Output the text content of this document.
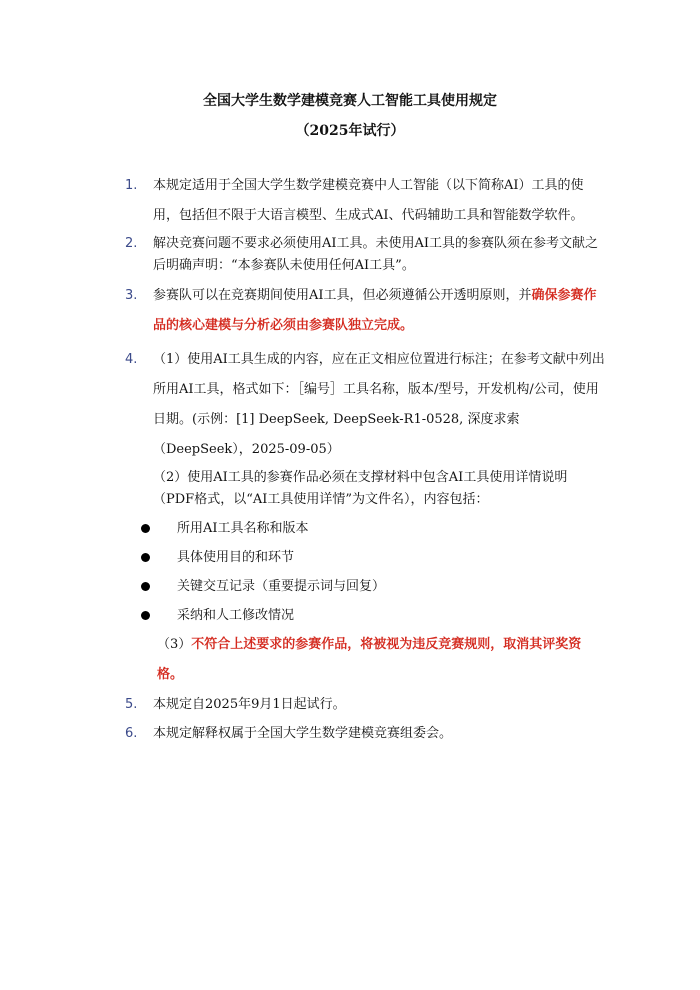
全国大学生数学建模竞赛人工智能工具使用规定
（2025年试行）
1. 本规定适用于全国大学生数学建模竞赛中人工智能（以下简称AI）工具的使用，包括但不限于大语言模型、生成式AI、代码辅助工具和智能数学软件。
2. 解决竞赛问题不要求必须使用AI工具。未使用AI工具的参赛队须在参考文献之后明确声明：“本参赛队未使用任何AI工具”。
3. 参赛队可以在竞赛期间使用AI工具，但必须遵循公开透明原则，并确保参赛作品的核心建模与分析必须由参赛队独立完成。
4. （1）使用AI工具生成的内容，应在正文相应位置进行标注；在参考文献中列出所用AI工具，格式如下：［编号］工具名称，版本/型号，开发机构/公司，使用日期。(示例：[1] DeepSeek, DeepSeek-R1-0528, 深度求索（DeepSeek），2025-09-05）
（2）使用AI工具的参赛作品必须在支撑材料中包含AI工具使用详情说明（PDF格式，以“AI工具使用详情”为文件名），内容包括：
所用AI工具名称和版本
具体使用目的和环节
关键交互记录（重要提示词与回复）
采纳和人工修改情况
（3）不符合上述要求的参赛作品，将被视为违反竞赛规则，取消其评奖资格。
5. 本规定自2025年9月1日起试行。
6. 本规定解释权属于全国大学生数学建模竞赛组委会。
